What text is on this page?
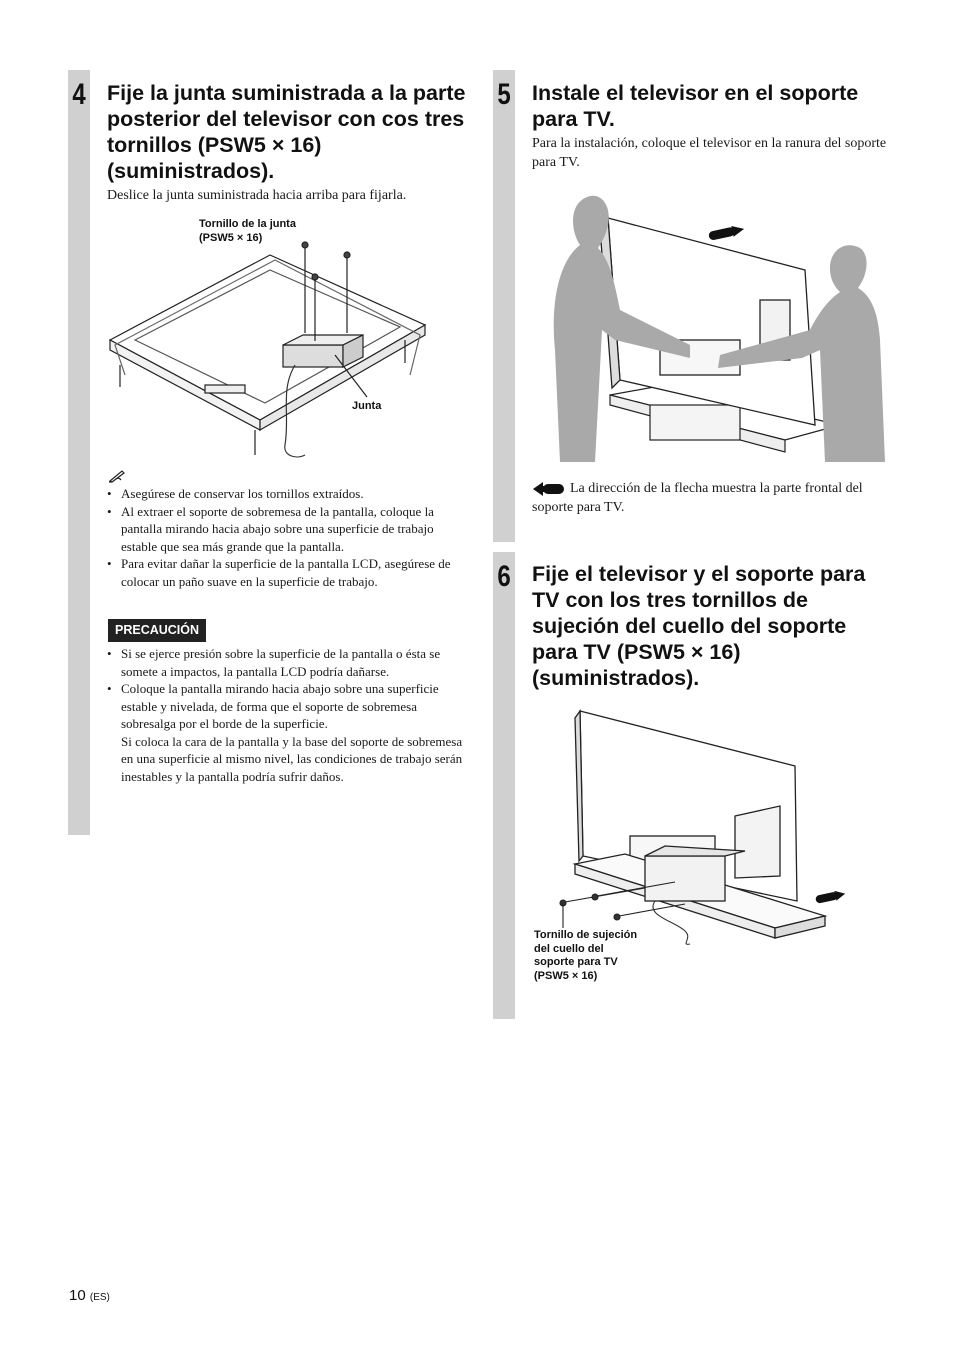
4 Fije la junta suministrada a la parte posterior del televisor con cos tres tornillos (PSW5 × 16) (suministrados).

Deslice la junta suministrada hacia arriba para fijarla.

Tornillo de la junta
(PSW5 × 16)
Junta
• Asegúrese de conservar los tornillos extraídos.
• Al extraer el soporte de sobremesa de la pantalla, coloque la pantalla mirando hacia abajo sobre una superficie de trabajo estable que sea más grande que la pantalla.
• Para evitar dañar la superficie de la pantalla LCD, asegúrese de colocar un paño suave en la superficie de trabajo.
PRECAUCIÓN
• Si se ejerce presión sobre la superficie de la pantalla o ésta se somete a impactos, la pantalla LCD podría dañarse.
• Coloque la pantalla mirando hacia abajo sobre una superficie estable y nivelada, de forma que el soporte de sobremesa sobresalga por el borde de la superficie.
Si coloca la cara de la pantalla y la base del soporte de sobremesa en una superficie al mismo nivel, las condiciones de trabajo serán inestables y la pantalla podría sufrir daños.
5 Instale el televisor en el soporte para TV.

Para la instalación, coloque el televisor en la ranura del soporte para TV.

La dirección de la flecha muestra la parte frontal del soporte para TV.

6 Fije el televisor y el soporte para TV con los tres tornillos de sujeción del cuello del soporte para TV (PSW5 × 16) (suministrados).
Tornillo de sujeción
del cuello del
soporte para TV
(PSW5 × 16)
10 (ES)
